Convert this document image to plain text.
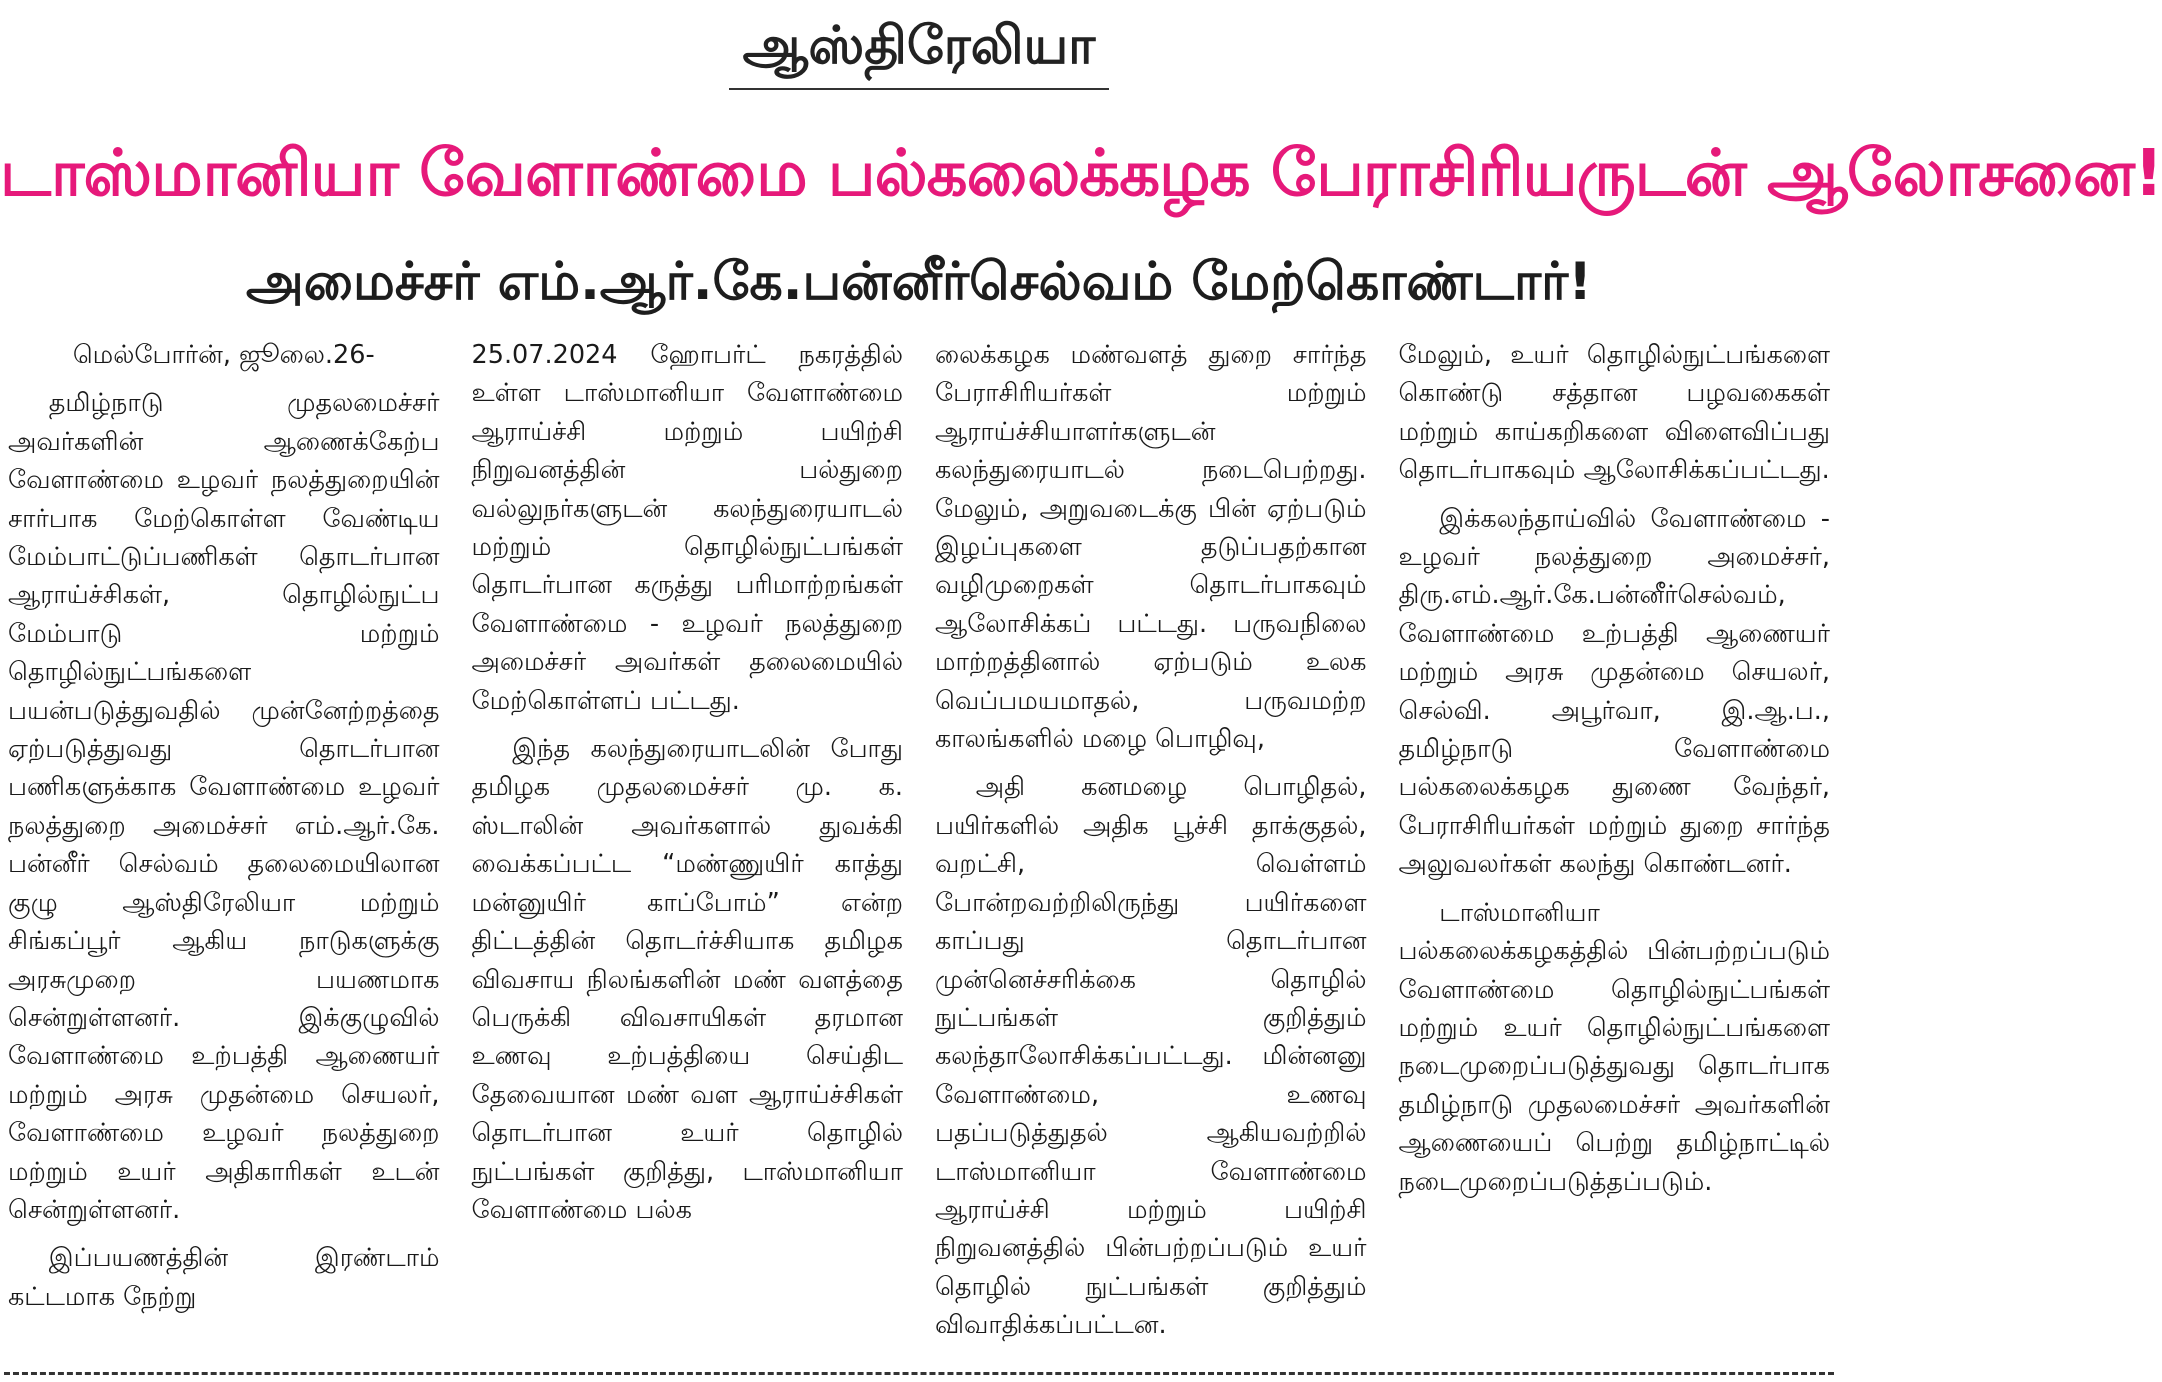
ஆஸ்திரேலியா
டாஸ்மானியா வேளாண்மை பல்கலைக்கழக பேராசிரியருடன் ஆலோசனை!
அமைச்சர் எம்.ஆர்.கே.பன்னீர்செல்வம் மேற்கொண்டார்!

மெல்போர்ன், ஜூலை.26-

தமிழ்நாடு முதலமைச்சர் அவர்களின் ஆணைக்கேற்ப வேளாண்மை உழவர் நலத்துறையின் சார்பாக மேற்கொள்ள வேண்டிய மேம்பாட்டுப்பணிகள் தொடர்பான ஆராய்ச்சிகள், தொழில்நுட்ப மேம்பாடு மற்றும் தொழில்நுட்பங்களை பயன்படுத்துவதில் முன்னேற்றத்தை ஏற்படுத்துவது தொடர்பான பணிகளுக்காக வேளாண்மை உழவர் நலத்துறை அமைச்சர் எம்.ஆர்.கே. பன்னீர் செல்வம் தலைமையிலான குழு ஆஸ்திரேலியா மற்றும் சிங்கப்பூர் ஆகிய நாடுகளுக்கு அரசுமுறை பயணமாக சென்றுள்ளனர். இக்குழுவில் வேளாண்மை உற்பத்தி ஆணையர் மற்றும் அரசு முதன்மை செயலர், வேளாண்மை உழவர் நலத்துறை மற்றும் உயர் அதிகாரிகள் உடன் சென்றுள்ளனர்.

இப்பயணத்தின் இரண்டாம் கட்டமாக நேற்று

25.07.2024 ஹோபர்ட் நகரத்தில் உள்ள டாஸ்மானியா வேளாண்மை ஆராய்ச்சி மற்றும் பயிற்சி நிறுவனத்தின் பல்துறை வல்லுநர்களுடன் கலந்துரையாடல் மற்றும் தொழில்நுட்பங்கள் தொடர்பான கருத்து பரிமாற்றங்கள் வேளாண்மை - உழவர் நலத்துறை அமைச்சர் அவர்கள் தலைமையில் மேற்கொள்ளப் பட்டது.

இந்த கலந்துரையாடலின் போது தமிழக முதலமைச்சர் மு. க. ஸ்டாலின் அவர்களால் துவக்கி வைக்கப்பட்ட “மண்ணுயிர் காத்து மன்னுயிர் காப்போம்” என்ற திட்டத்தின் தொடர்ச்சியாக தமிழக விவசாய நிலங்களின் மண் வளத்தை பெருக்கி விவசாயிகள் தரமான உணவு உற்பத்தியை செய்திட தேவையான மண் வள ஆராய்ச்சிகள் தொடர்பான உயர் தொழில் நுட்பங்கள் குறித்து, டாஸ்மானியா வேளாண்மை பல்க

லைக்கழக மண்வளத் துறை சார்ந்த பேராசிரியர்கள் மற்றும் ஆராய்ச்சியாளர்களுடன் கலந்துரையாடல் நடைபெற்றது. மேலும், அறுவடைக்கு பின் ஏற்படும் இழப்புகளை தடுப்பதற்கான வழிமுறைகள் தொடர்பாகவும் ஆலோசிக்கப் பட்டது. பருவநிலை மாற்றத்தினால் ஏற்படும் உலக வெப்பமயமாதல், பருவமற்ற காலங்களில் மழை பொழிவு,

அதி கனமழை பொழிதல், பயிர்களில் அதிக பூச்சி தாக்குதல், வறட்சி, வெள்ளம் போன்றவற்றிலிருந்து பயிர்களை காப்பது தொடர்பான முன்னெச்சரிக்கை தொழில் நுட்பங்கள் குறித்தும் கலந்தாலோசிக்கப்பட்டது. மின்னனு வேளாண்மை, உணவு பதப்படுத்துதல் ஆகியவற்றில் டாஸ்மானியா வேளாண்மை ஆராய்ச்சி மற்றும் பயிற்சி நிறுவனத்தில் பின்பற்றப்படும் உயர் தொழில் நுட்பங்கள் குறித்தும் விவாதிக்கப்பட்டன.

மேலும், உயர் தொழில்நுட்பங்களை கொண்டு சத்தான பழவகைகள் மற்றும் காய்கறிகளை விளைவிப்பது தொடர்பாகவும் ஆலோசிக்கப்பட்டது.

இக்கலந்தாய்வில் வேளாண்மை - உழவர் நலத்துறை அமைச்சர், திரு.எம்.ஆர்.கே.பன்னீர்செல்வம், வேளாண்மை உற்பத்தி ஆணையர் மற்றும் அரசு முதன்மை செயலர், செல்வி. அபூர்வா, இ.ஆ.ப., தமிழ்நாடு வேளாண்மை பல்கலைக்கழக துணை வேந்தர், பேராசிரியர்கள் மற்றும் துறை சார்ந்த அலுவலர்கள் கலந்து கொண்டனர்.

டாஸ்மானியா பல்கலைக்கழகத்தில் பின்பற்றப்படும் வேளாண்மை தொழில்நுட்பங்கள் மற்றும் உயர் தொழில்நுட்பங்களை நடைமுறைப்படுத்துவது தொடர்பாக தமிழ்நாடு முதலமைச்சர் அவர்களின் ஆணையைப் பெற்று தமிழ்நாட்டில் நடைமுறைப்படுத்தப்படும்.
